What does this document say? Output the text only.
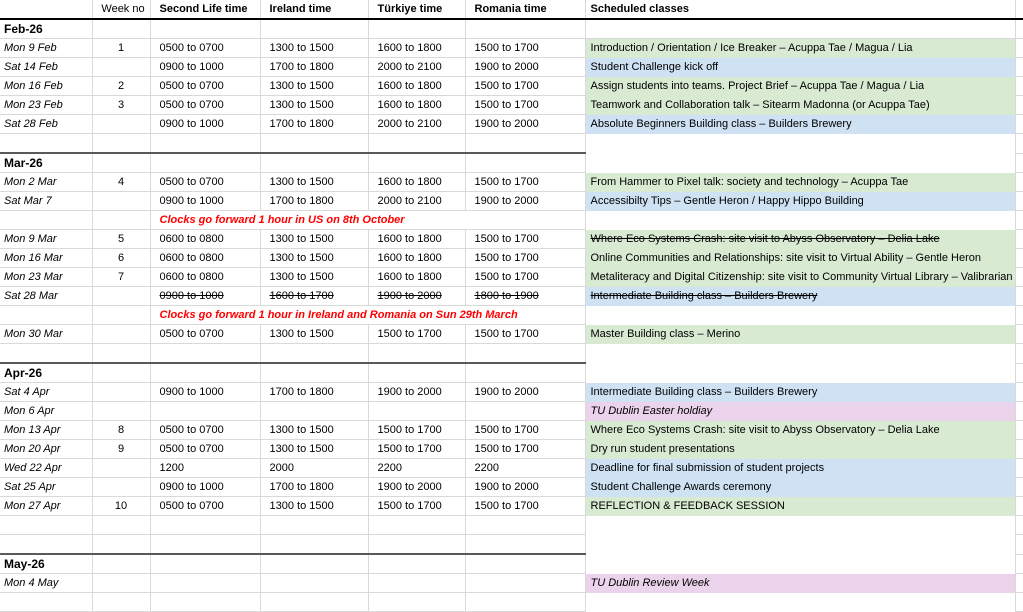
	Week no	Second Life time	Ireland time	Türkiye time	Romania time	Scheduled classes	
Feb-26							
Mon 9 Feb	1	0500 to 0700	1300 to 1500	1600 to 1800	1500 to 1700	Introduction / Orientation / Ice Breaker – Acuppa Tae / Magua / Lia	
Sat 14 Feb		0900 to 1000	1700 to 1800	2000 to 2100	1900 to 2000	Student Challenge kick off	
Mon 16 Feb	2	0500 to 0700	1300 to 1500	1600 to 1800	1500 to 1700	Assign students into teams. Project Brief – Acuppa Tae / Magua / Lia	
Mon 23 Feb	3	0500 to 0700	1300 to 1500	1600 to 1800	1500 to 1700	Teamwork and Collaboration talk – Sitearm Madonna (or Acuppa Tae)	
Sat 28 Feb		0900 to 1000	1700 to 1800	2000 to 2100	1900 to 2000	Absolute Beginners Building class – Builders Brewery	

Mar-26							
Mon 2 Mar	4	0500 to 0700	1300 to 1500	1600 to 1800	1500 to 1700	From Hammer to Pixel talk: society and technology – Acuppa Tae	
Sat Mar 7		0900 to 1000	1700 to 1800	2000 to 2100	1900 to 2000	Accessibilty Tips – Gentle Heron / Happy Hippo Building	
		Clocks go forward 1 hour in US on 8th October					
Mon 9 Mar	5	0600 to 0800	1300 to 1500	1600 to 1800	1500 to 1700	Where Eco Systems Crash: site visit to Abyss Observatory – Delia Lake	
Mon 16 Mar	6	0600 to 0800	1300 to 1500	1600 to 1800	1500 to 1700	Online Communities and Relationships: site visit to Virtual Ability – Gentle Heron	
Mon 23 Mar	7	0600 to 0800	1300 to 1500	1600 to 1800	1500 to 1700	Metaliteracy and Digital Citizenship: site visit to Community Virtual Library – Valibrarian	
Sat 28 Mar		0900 to 1000	1600 to 1700	1900 to 2000	1800 to 1900	Intermediate Building class – Builders Brewery	
		Clocks go forward 1 hour in Ireland and Romania on Sun 29th March					
Mon 30 Mar		0500 to 0700	1300 to 1500	1500 to 1700	1500 to 1700	Master Building class – Merino	

Apr-26							
Sat 4 Apr		0900 to 1000	1700 to 1800	1900 to 2000	1900 to 2000	Intermediate Building class – Builders Brewery	
Mon 6 Apr						TU Dublin Easter holdiay	
Mon 13 Apr	8	0500 to 0700	1300 to 1500	1500 to 1700	1500 to 1700	Where Eco Systems Crash: site visit to Abyss Observatory – Delia Lake	
Mon 20 Apr	9	0500 to 0700	1300 to 1500	1500 to 1700	1500 to 1700	Dry run student presentations	
Wed 22 Apr		1200	2000	2200	2200	Deadline for final submission of student projects	
Sat 25 Apr		0900 to 1000	1700 to 1800	1900 to 2000	1900 to 2000	Student Challenge Awards ceremony	
Mon 27 Apr	10	0500 to 0700	1300 to 1500	1500 to 1700	1500 to 1700	REFLECTION & FEEDBACK SESSION	

May-26							
Mon 4 May						TU Dublin Review Week	
